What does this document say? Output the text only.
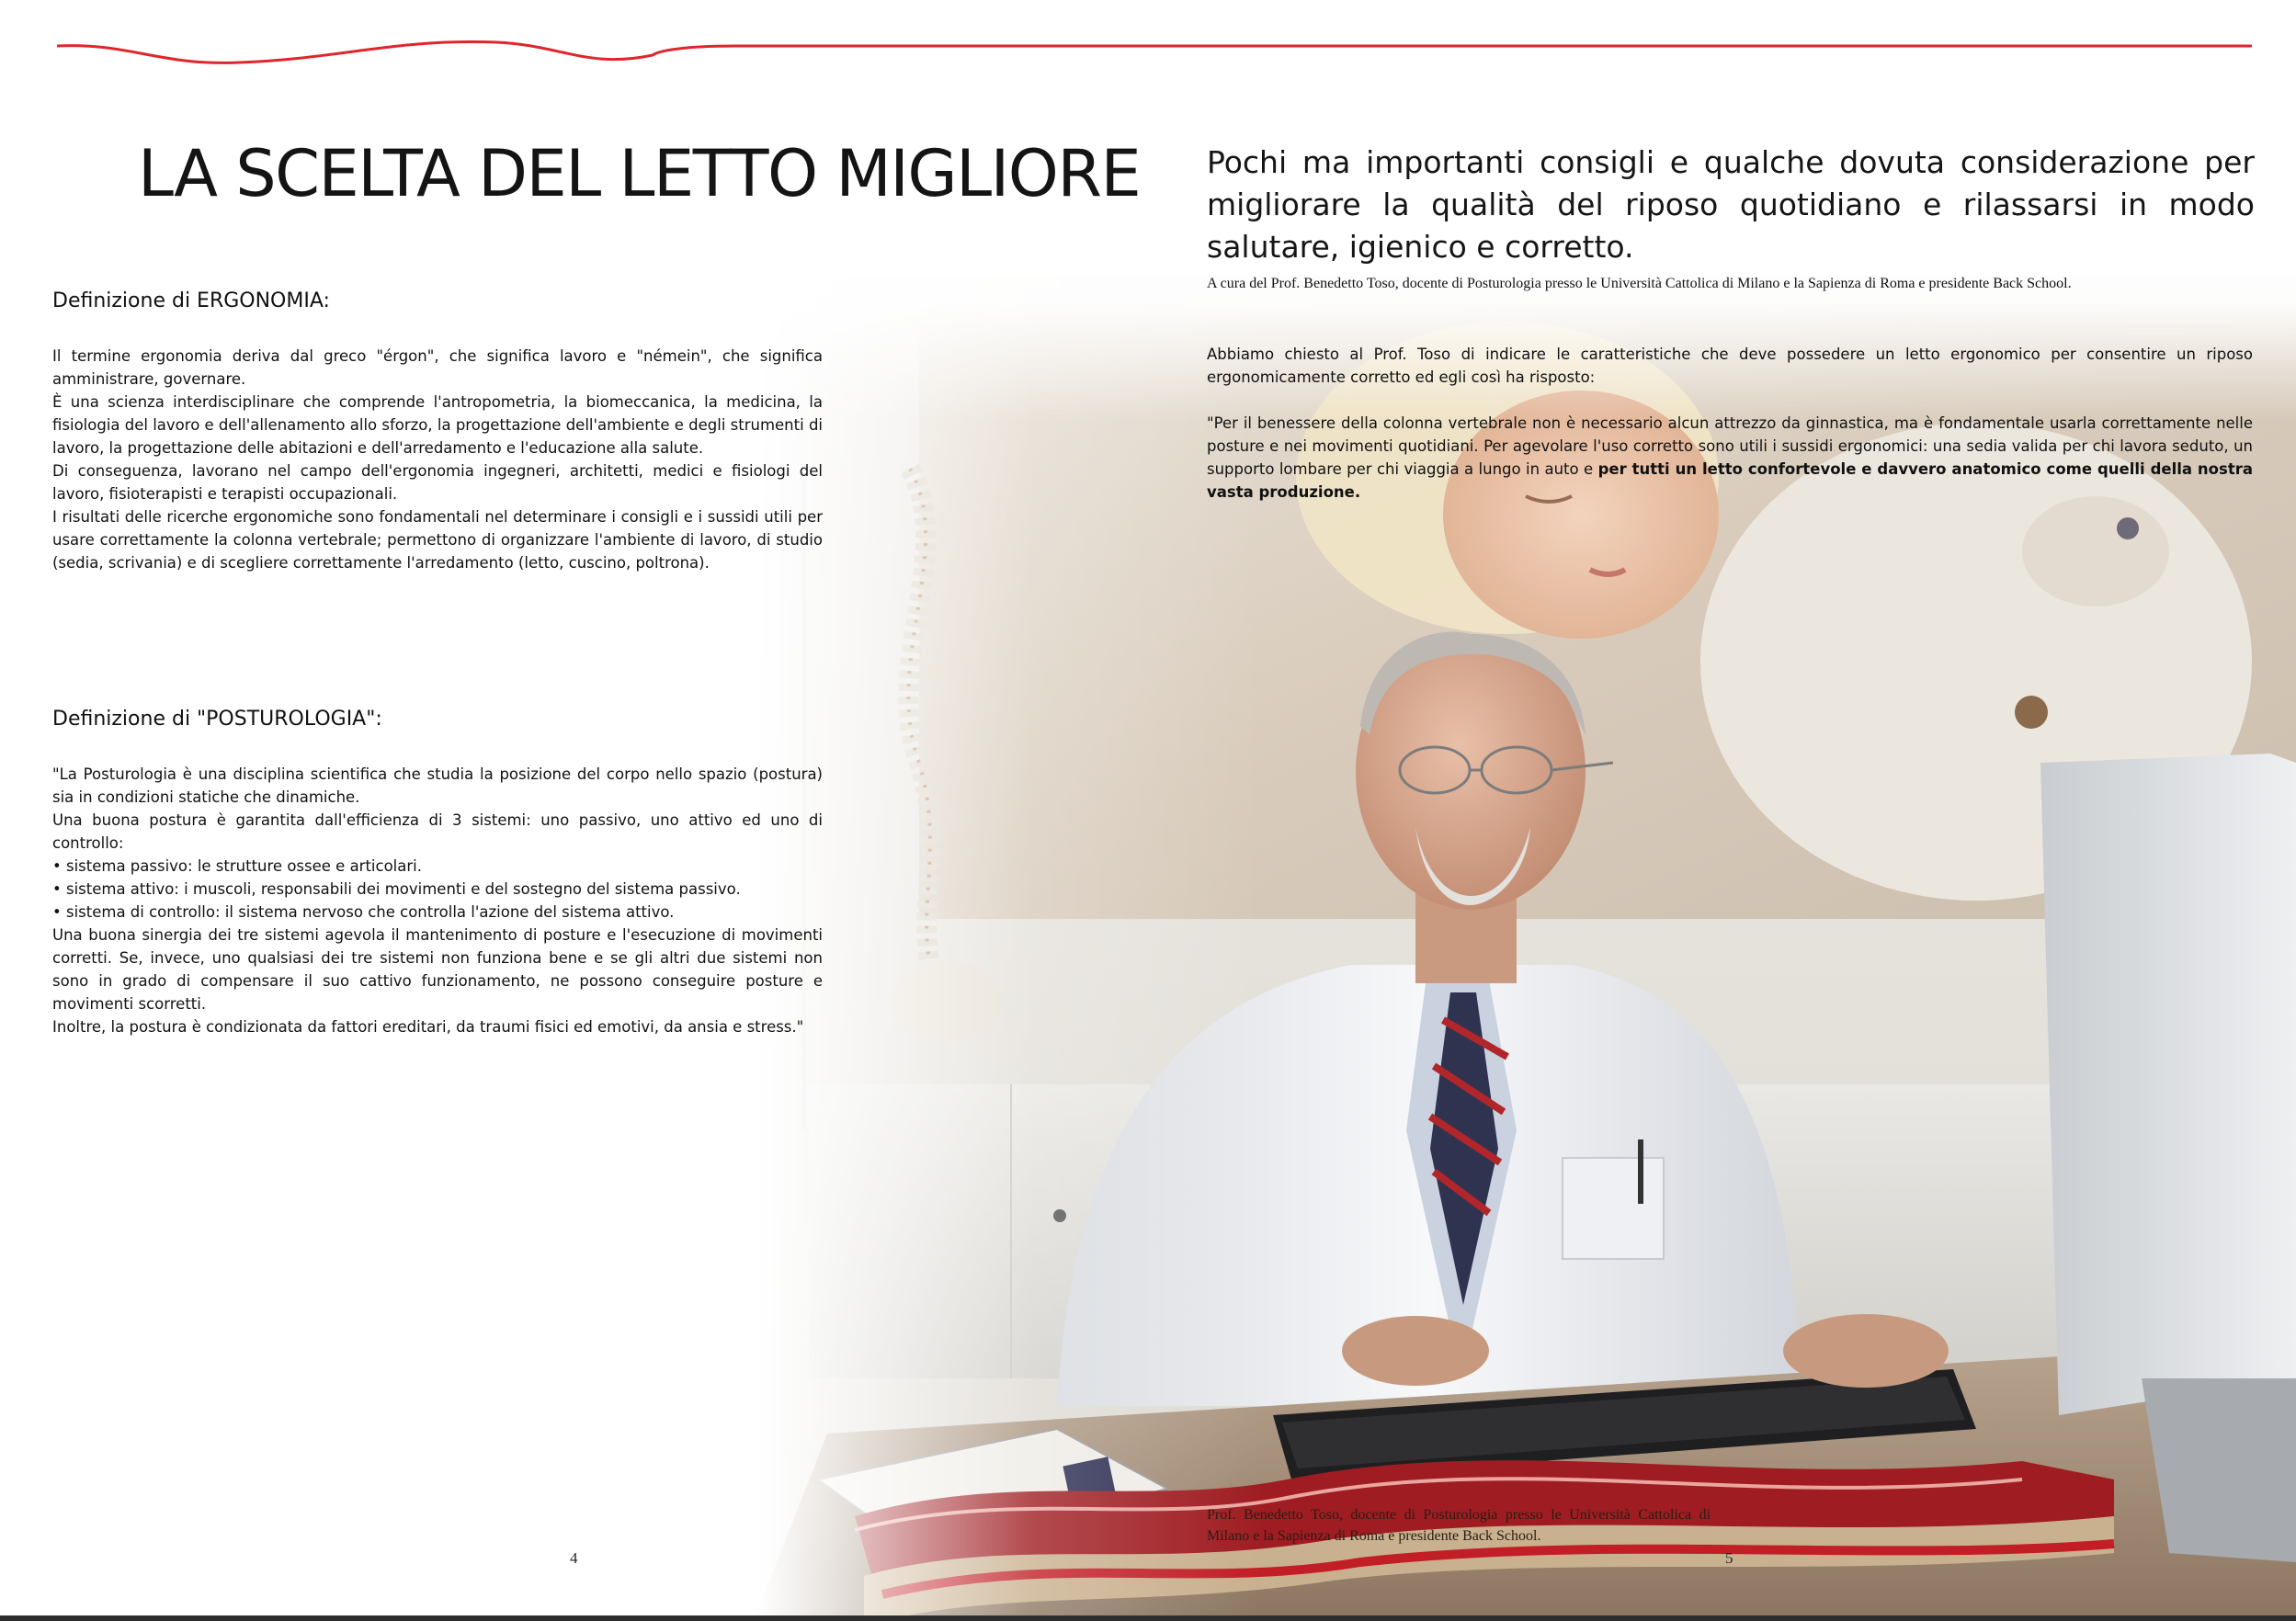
LA SCELTA DEL LETTO MIGLIORE
Definizione di ERGONOMIA:

Il termine ergonomia deriva dal greco "érgon", che significa lavoro e "némein", che significa amministrare, governare.

È una scienza interdisciplinare che comprende l'antropometria, la biomeccanica, la medicina, la fisiologia del lavoro e dell'allenamento allo sforzo, la progettazione dell'ambiente e degli strumenti di lavoro, la progettazione delle abitazioni e dell'arredamento e l'educazione alla salute.

Di conseguenza, lavorano nel campo dell'ergonomia ingegneri, architetti, medici e fisiologi del lavoro, fisioterapisti e terapisti occupazionali.

I risultati delle ricerche ergonomiche sono fondamentali nel determinare i consigli e i sussidi utili per usare correttamente la colonna vertebrale; permettono di organizzare l'ambiente di lavoro, di studio (sedia, scrivania) e di scegliere correttamente l'arredamento (letto, cuscino, poltrona).

Definizione di "POSTUROLOGIA":

"La Posturologia è una disciplina scientifica che studia la posizione del corpo nello spazio (postura) sia in condizioni statiche che dinamiche.

Una buona postura è garantita dall'efficienza di 3 sistemi: uno passivo, uno attivo ed uno di controllo:

• sistema passivo: le strutture ossee e articolari.

• sistema attivo: i muscoli, responsabili dei movimenti e del sostegno del sistema passivo.

• sistema di controllo: il sistema nervoso che controlla l'azione del sistema attivo.

Una buona sinergia dei tre sistemi agevola il mantenimento di posture e l'esecuzione di movimenti corretti. Se, invece, uno qualsiasi dei tre sistemi non funziona bene e se gli altri due sistemi non sono in grado di compensare il suo cattivo funzionamento, ne possono conseguire posture e movimenti scorretti.

Inoltre, la postura è condizionata da fattori ereditari, da traumi fisici ed emotivi, da ansia e stress."

4

Pochi ma importanti consigli e qualche dovuta considerazione per migliorare la qualità del riposo quotidiano e rilassarsi in modo salutare, igienico e corretto.

A cura del Prof. Benedetto Toso, docente di Posturologia presso le Università Cattolica di Milano e la Sapienza di Roma e presidente Back School.

Abbiamo chiesto al Prof. Toso di indicare le caratteristiche che deve possedere un letto ergonomico per consentire un riposo ergonomicamente corretto ed egli così ha risposto:

"Per il benessere della colonna vertebrale non è necessario alcun attrezzo da ginnastica, ma è fondamentale usarla correttamente nelle posture e nei movimenti quotidiani. Per agevolare l'uso corretto sono utili i sussidi ergonomici: una sedia valida per chi lavora seduto, un supporto lombare per chi viaggia a lungo in auto e per tutti un letto confortevole e davvero anatomico come quelli della nostra vasta produzione.

Prof. Benedetto Toso, docente di Posturologia presso le Università Cattolica di Milano e la Sapienza di Roma e presidente Back School.

5
